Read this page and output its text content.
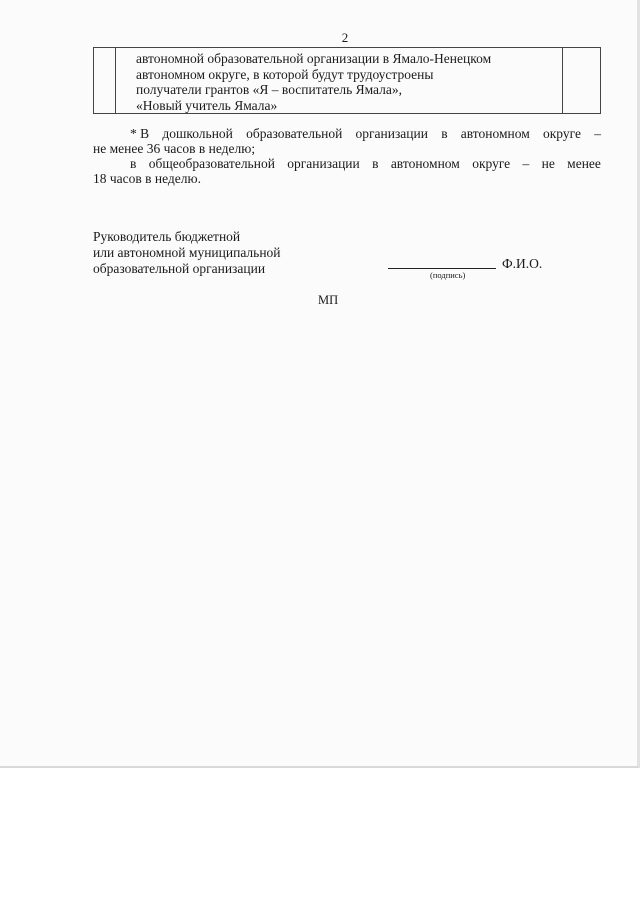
2

автономной образовательной организации в Ямало-Ненецком
автономном округе, в которой будут трудоустроены
получатели грантов «Я – воспитатель Ямала»,
«Новый учитель Ямала»

* В дошкольной образовательной организации в автономном округе –
не менее 36 часов в неделю;
в общеобразовательной организации в автономном округе – не менее
18 часов в неделю.
Руководитель бюджетной
или автономной муниципальной
образовательной организации	Ф.И.О.
(подпись)
МП
